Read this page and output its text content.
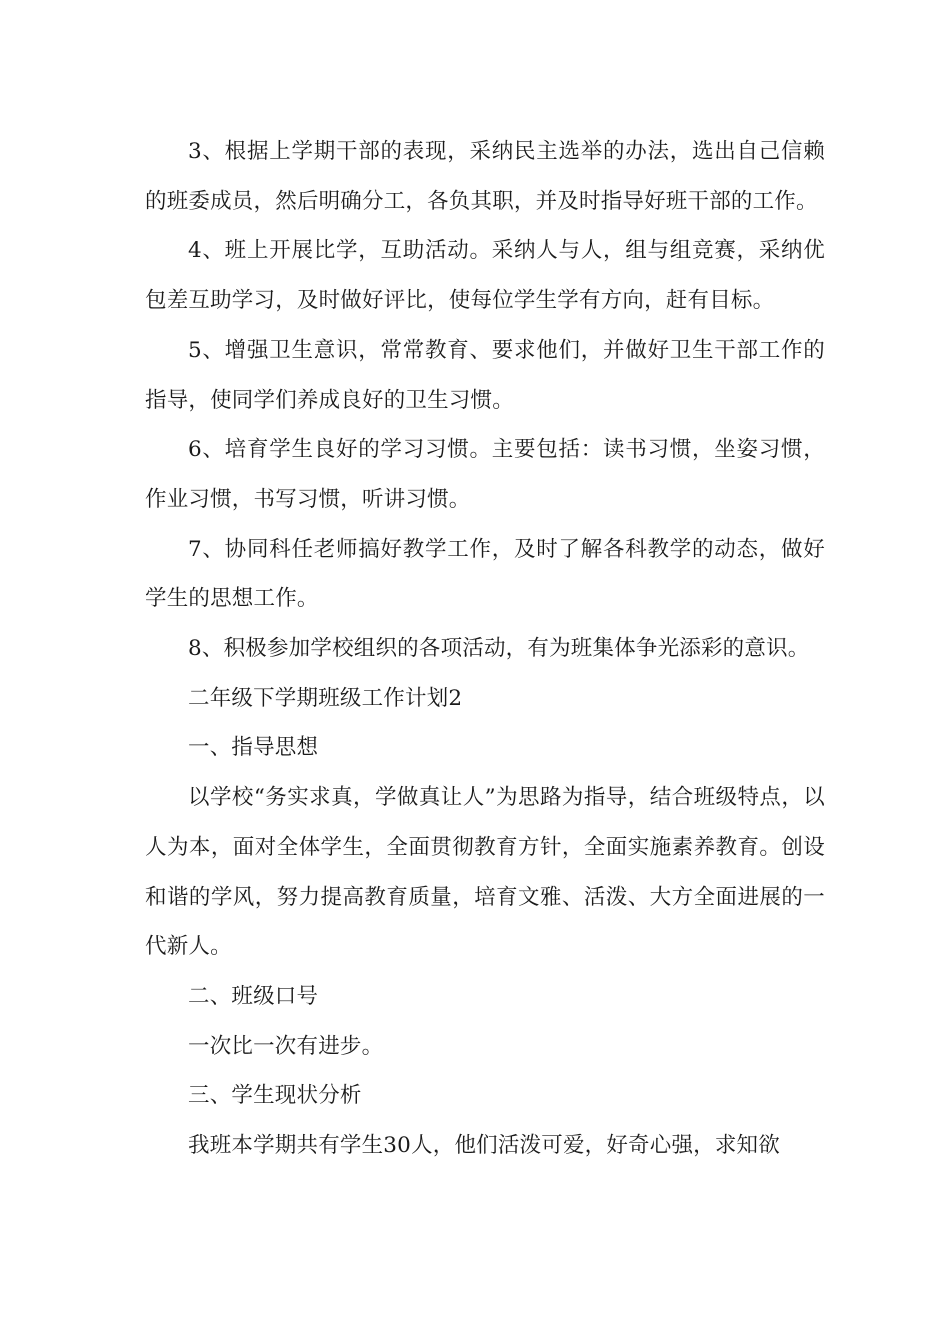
3、根据上学期干部的表现，采纳民主选举的办法，选出自己信赖的班委成员，然后明确分工，各负其职，并及时指导好班干部的工作。

4、班上开展比学，互助活动。采纳人与人，组与组竞赛，采纳优包差互助学习，及时做好评比，使每位学生学有方向，赶有目标。

5、增强卫生意识，常常教育、要求他们，并做好卫生干部工作的指导，使同学们养成良好的卫生习惯。

6、培育学生良好的学习习惯。主要包括：读书习惯，坐姿习惯，作业习惯，书写习惯，听讲习惯。

7、协同科任老师搞好教学工作，及时了解各科教学的动态，做好学生的思想工作。

8、积极参加学校组织的各项活动，有为班集体争光添彩的意识。

二年级下学期班级工作计划2

一、指导思想

以学校“务实求真，学做真让人”为思路为指导，结合班级特点，以人为本，面对全体学生，全面贯彻教育方针，全面实施素养教育。创设和谐的学风，努力提高教育质量，培育文雅、活泼、大方全面进展的一代新人。

二、班级口号

一次比一次有进步。

三、学生现状分析

我班本学期共有学生30人，他们活泼可爱，好奇心强，求知欲
